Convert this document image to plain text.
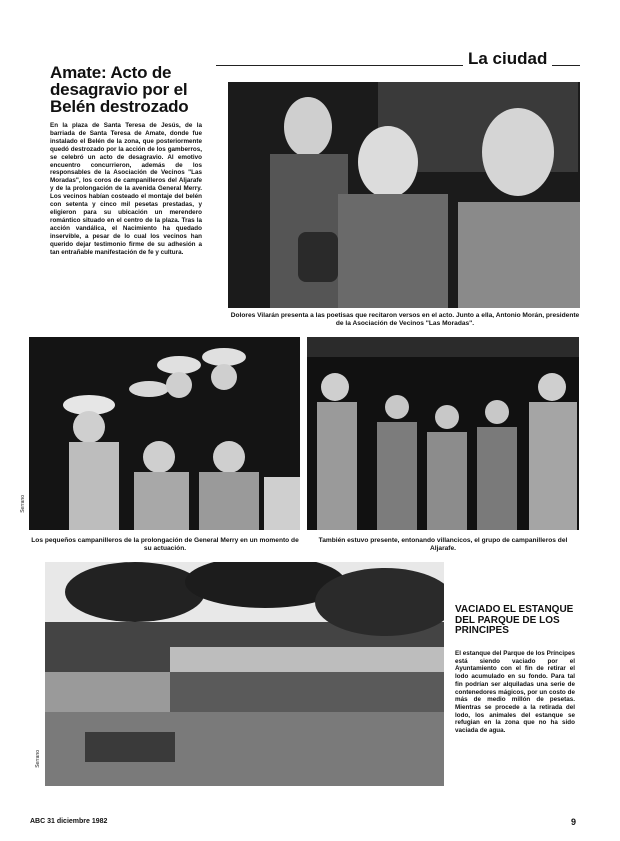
La ciudad
Amate: Acto de desagravio por el Belén destrozado
En la plaza de Santa Teresa de Jesús, de la barriada de Santa Teresa de Amate, donde fue instalado el Belén de la zona, que posteriormente quedó destrozado por la acción de los gamberros, se celebró un acto de desagravio. Al emotivo encuentro concurrieron, además de los responsables de la Asociación de Vecinos "Las Moradas", los coros de campanilleros del Aljarafe y de la prolongación de la avenida General Merry. Los vecinos habían costeado el montaje del belén con setenta y cinco mil pesetas prestadas, y eligieron para su ubicación un merendero romántico situado en el centro de la plaza. Tras la acción vandálica, el Nacimiento ha quedado inservible, a pesar de lo cual los vecinos han querido dejar testimonio firme de su adhesión a tan entrañable manifestación de fe y cultura.
Dolores Vilarán presenta a las poetisas que recitaron versos en el acto. Junto a ella, Antonio Morán, presidente de la Asociación de Vecinos "Las Moradas".
Serrano
Los pequeños campanilleros de la prolongación de General Merry en un momento de su actuación.
También estuvo presente, entonando villancicos, el grupo de campanilleros del Aljarafe.
Serrano
VACIADO EL ESTANQUE DEL PARQUE DE LOS PRINCIPES
El estanque del Parque de los Príncipes está siendo vaciado por el Ayuntamiento con el fin de retirar el lodo acumulado en su fondo. Para tal fin podrían ser alquiladas una serie de contenedores mágicos, por un costo de más de medio millón de pesetas. Mientras se procede a la retirada del lodo, los animales del estanque se refugian en la zona que no ha sido vaciada de agua.
ABC 31 diciembre 1982	9
